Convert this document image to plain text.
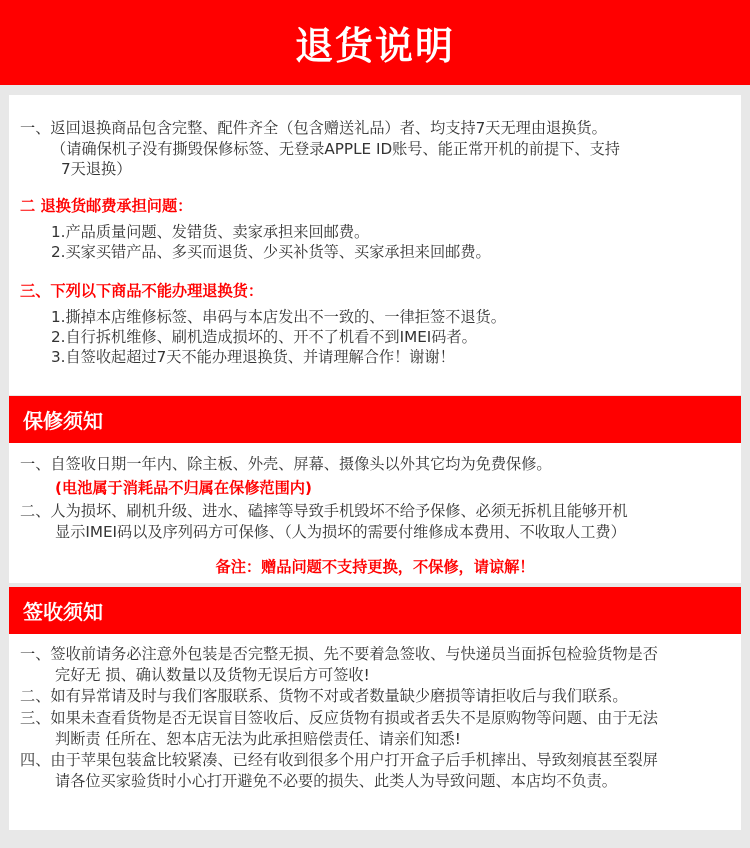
退货说明
一、返回退换商品包含完整、配件齐全（包含赠送礼品）者、均支持7天无理由退换货。
（请确保机子没有撕毁保修标签、无登录APPLE ID账号、能正常开机的前提下、支持
7天退换）
二 退换货邮费承担问题：
1.产品质量问题、发错货、卖家承担来回邮费。
2.买家买错产品、多买而退货、少买补货等、买家承担来回邮费。
三、下列以下商品不能办理退换货：
1.撕掉本店维修标签、串码与本店发出不一致的、一律拒签不退货。
2.自行拆机维修、刷机造成损坏的、开不了机看不到IMEI码者。
3.自签收起超过7天不能办理退换货、并请理解合作！谢谢！
保修须知
一、自签收日期一年内、除主板、外壳、屏幕、摄像头以外其它均为免费保修。
(电池属于消耗品不归属在保修范围内)
二、人为损坏、刷机升级、进水、磕摔等导致手机毁坏不给予保修、必须无拆机且能够开机
显示IMEI码以及序列码方可保修、（人为损坏的需要付维修成本费用、不收取人工费）
备注：赠品问题不支持更换，不保修，请谅解！
签收须知
一、签收前请务必注意外包装是否完整无损、先不要着急签收、与快递员当面拆包检验货物是否
完好无 损、确认数量以及货物无误后方可签收!
二、如有异常请及时与我们客服联系、货物不对或者数量缺少磨损等请拒收后与我们联系。
三、如果未查看货物是否无误盲目签收后、反应货物有损或者丢失不是原购物等问题、由于无法
判断责 任所在、恕本店无法为此承担赔偿责任、请亲们知悉!
四、由于苹果包装盒比较紧凑、已经有收到很多个用户打开盒子后手机摔出、导致刻痕甚至裂屏
请各位买家验货时小心打开避免不必要的损失、此类人为导致问题、本店均不负责。
